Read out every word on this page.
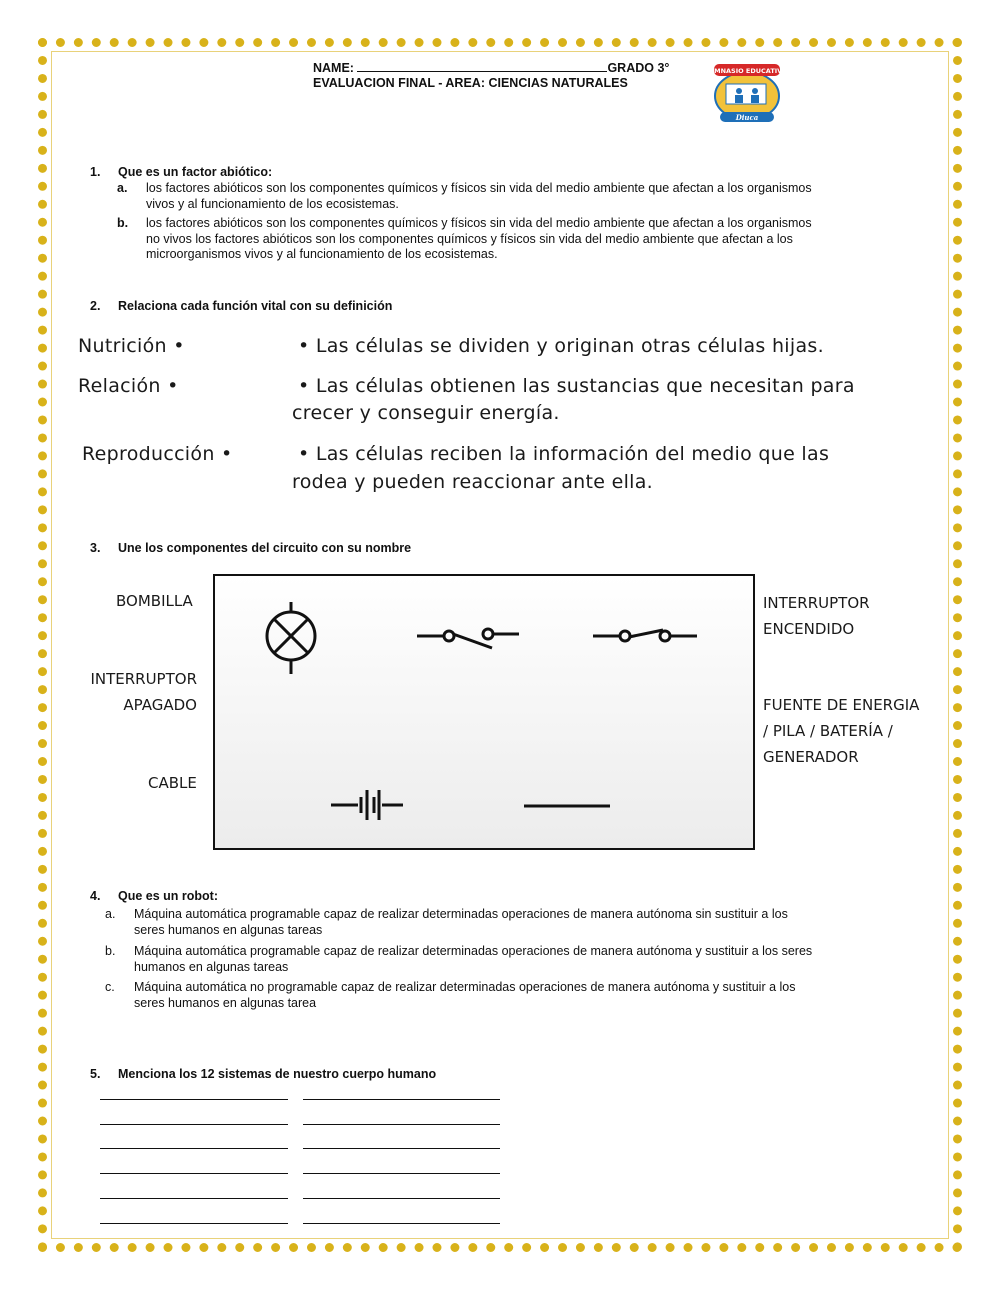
NAME:	GRADO 3°
EVALUACION FINAL - AREA: CIENCIAS NATURALES
GIMNASIO EDUCATIVO
Diuca
1. Que es un factor abiótico:
a. los factores abióticos son los componentes químicos y físicos sin vida del medio ambiente que afectan a los organismos
vivos y al funcionamiento de los ecosistemas.
b. los factores abióticos son los componentes químicos y físicos sin vida del medio ambiente que afectan a los organismos
no vivos los factores abióticos son los componentes químicos y físicos sin vida del medio ambiente que afectan a los
microorganismos vivos y al funcionamiento de los ecosistemas.
2. Relaciona cada función vital con su definición
Nutrición •
Relación •
Reproducción •
• Las células se dividen y originan otras células hijas.
• Las células obtienen las sustancias que necesitan para
crecer y conseguir energía.
• Las células reciben la información del medio que las
rodea y pueden reaccionar ante ella.
3. Une los componentes del circuito con su nombre
BOMBILLA
INTERRUPTOR
APAGADO
CABLE
INTERRUPTOR
ENCENDIDO
FUENTE DE ENERGIA
/ PILA / BATERÍA /
GENERADOR
4. Que es un robot:
a. Máquina automática programable capaz de realizar determinadas operaciones de manera autónoma sin sustituir a los
seres humanos en algunas tareas
b. Máquina automática programable capaz de realizar determinadas operaciones de manera autónoma y sustituir a los seres
humanos en algunas tareas
c. Máquina automática no programable capaz de realizar determinadas operaciones de manera autónoma y sustituir a los
seres humanos en algunas tarea
5. Menciona los 12 sistemas de nuestro cuerpo humano
